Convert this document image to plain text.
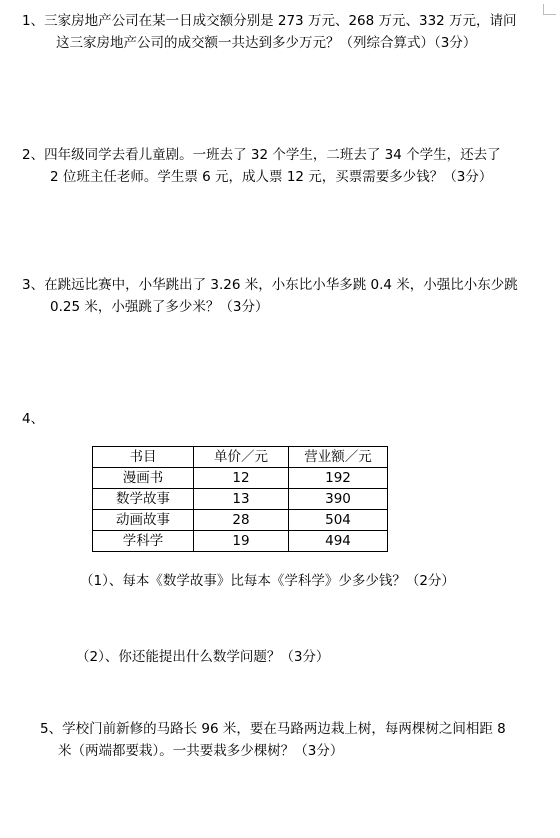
1、三家房地产公司在某一日成交额分别是 273 万元、268 万元、332 万元，请问
这三家房地产公司的成交额一共达到多少万元？（列综合算式）（3分）
2、四年级同学去看儿童剧。一班去了 32 个学生，二班去了 34 个学生，还去了
2 位班主任老师。学生票 6 元，成人票 12 元，买票需要多少钱？（3分）
3、在跳远比赛中，小华跳出了 3.26 米，小东比小华多跳 0.4 米，小强比小东少跳
0.25 米，小强跳了多少米？（3分）
4、
书目	单价／元	营业额／元
漫画书	12	192
数学故事	13	390
动画故事	28	504
学科学	19	494
（1）、每本《数学故事》比每本《学科学》少多少钱？（2分）
（2）、你还能提出什么数学问题？（3分）
5、学校门前新修的马路长 96 米，要在马路两边栽上树，每两棵树之间相距 8
米（两端都要栽）。一共要栽多少棵树？（3分）
